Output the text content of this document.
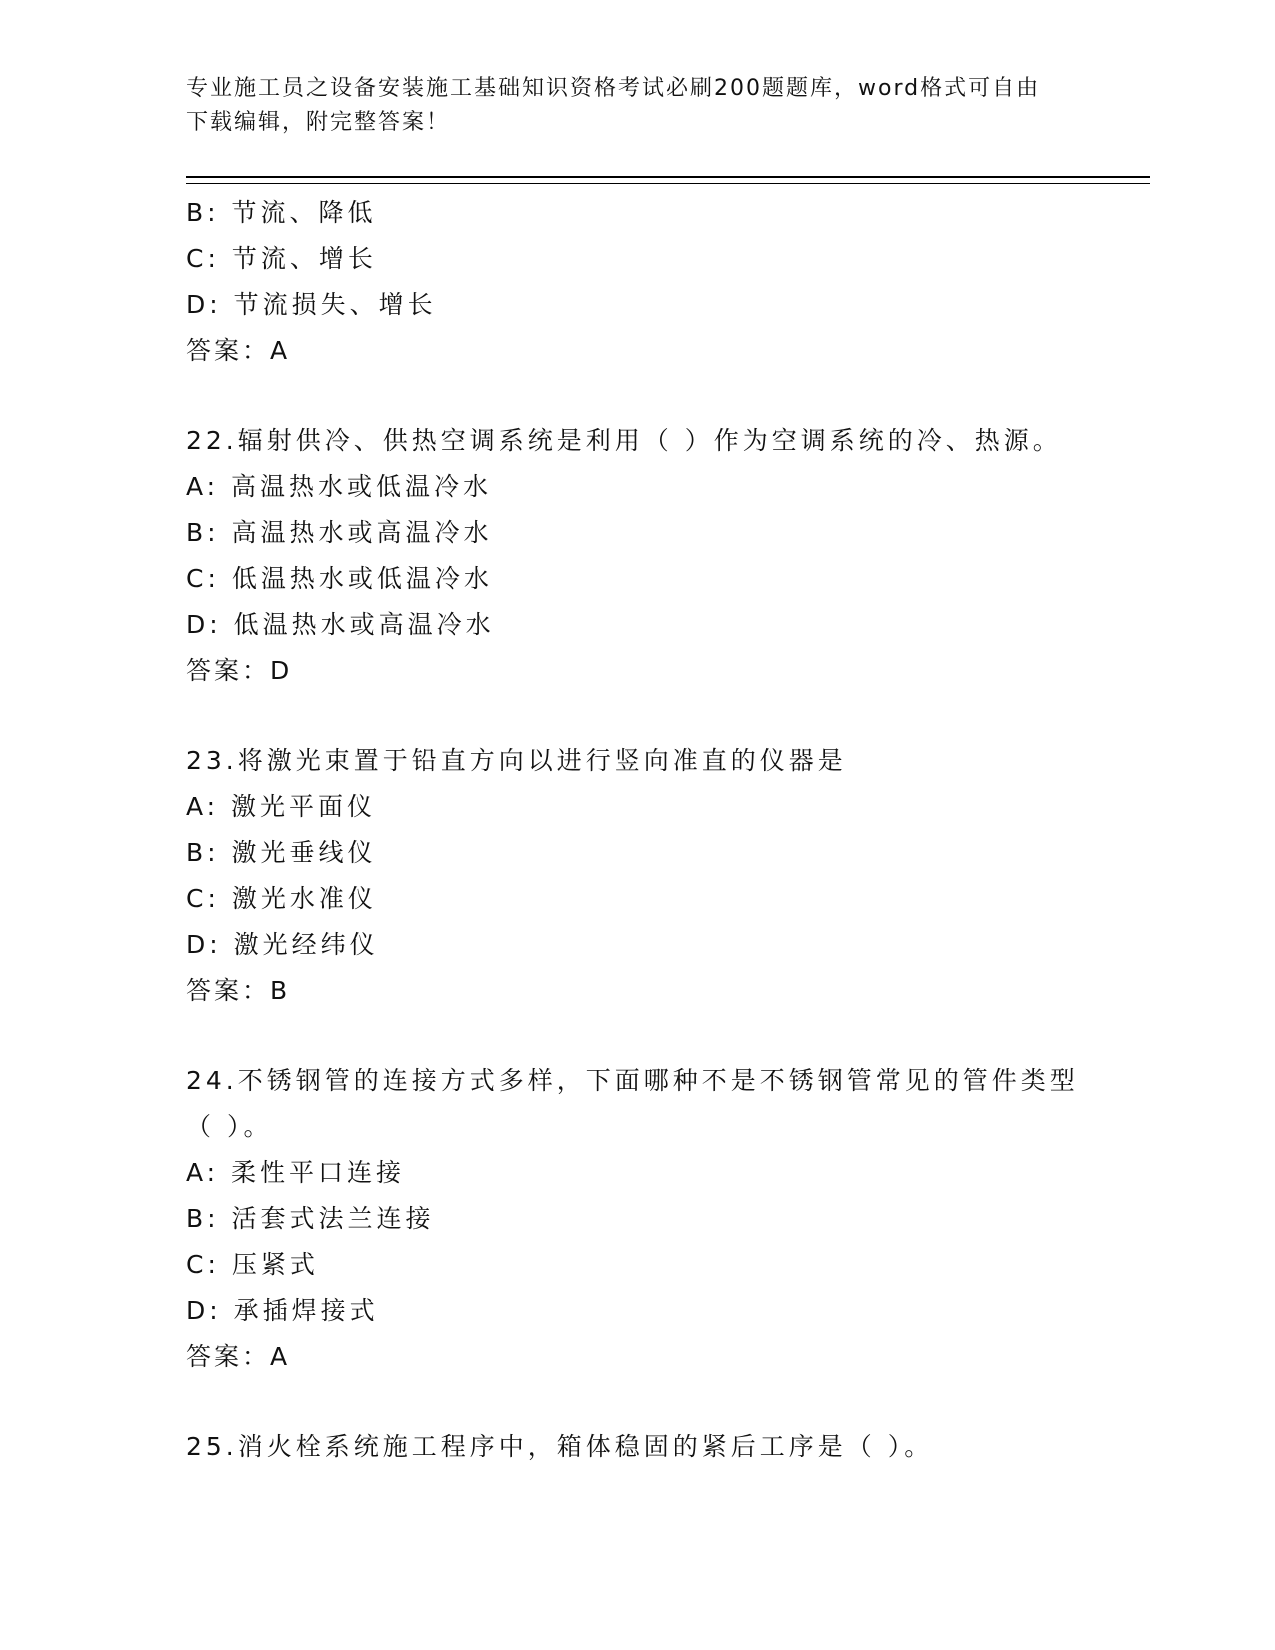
专业施工员之设备安装施工基础知识资格考试必刷200题题库，word格式可自由
下载编辑，附完整答案！
B: 节流、降低
C: 节流、增长
D: 节流损失、增长
答案：A
22.辐射供冷、供热空调系统是利用（ ）作为空调系统的冷、热源。
A: 高温热水或低温冷水
B: 高温热水或高温冷水
C: 低温热水或低温冷水
D: 低温热水或高温冷水
答案：D
23.将激光束置于铅直方向以进行竖向准直的仪器是
A: 激光平面仪
B: 激光垂线仪
C: 激光水准仪
D: 激光经纬仪
答案：B
24.不锈钢管的连接方式多样，下面哪种不是不锈钢管常见的管件类型
（ ）。
A: 柔性平口连接
B: 活套式法兰连接
C: 压紧式
D: 承插焊接式
答案：A
25.消火栓系统施工程序中，箱体稳固的紧后工序是（ ）。
